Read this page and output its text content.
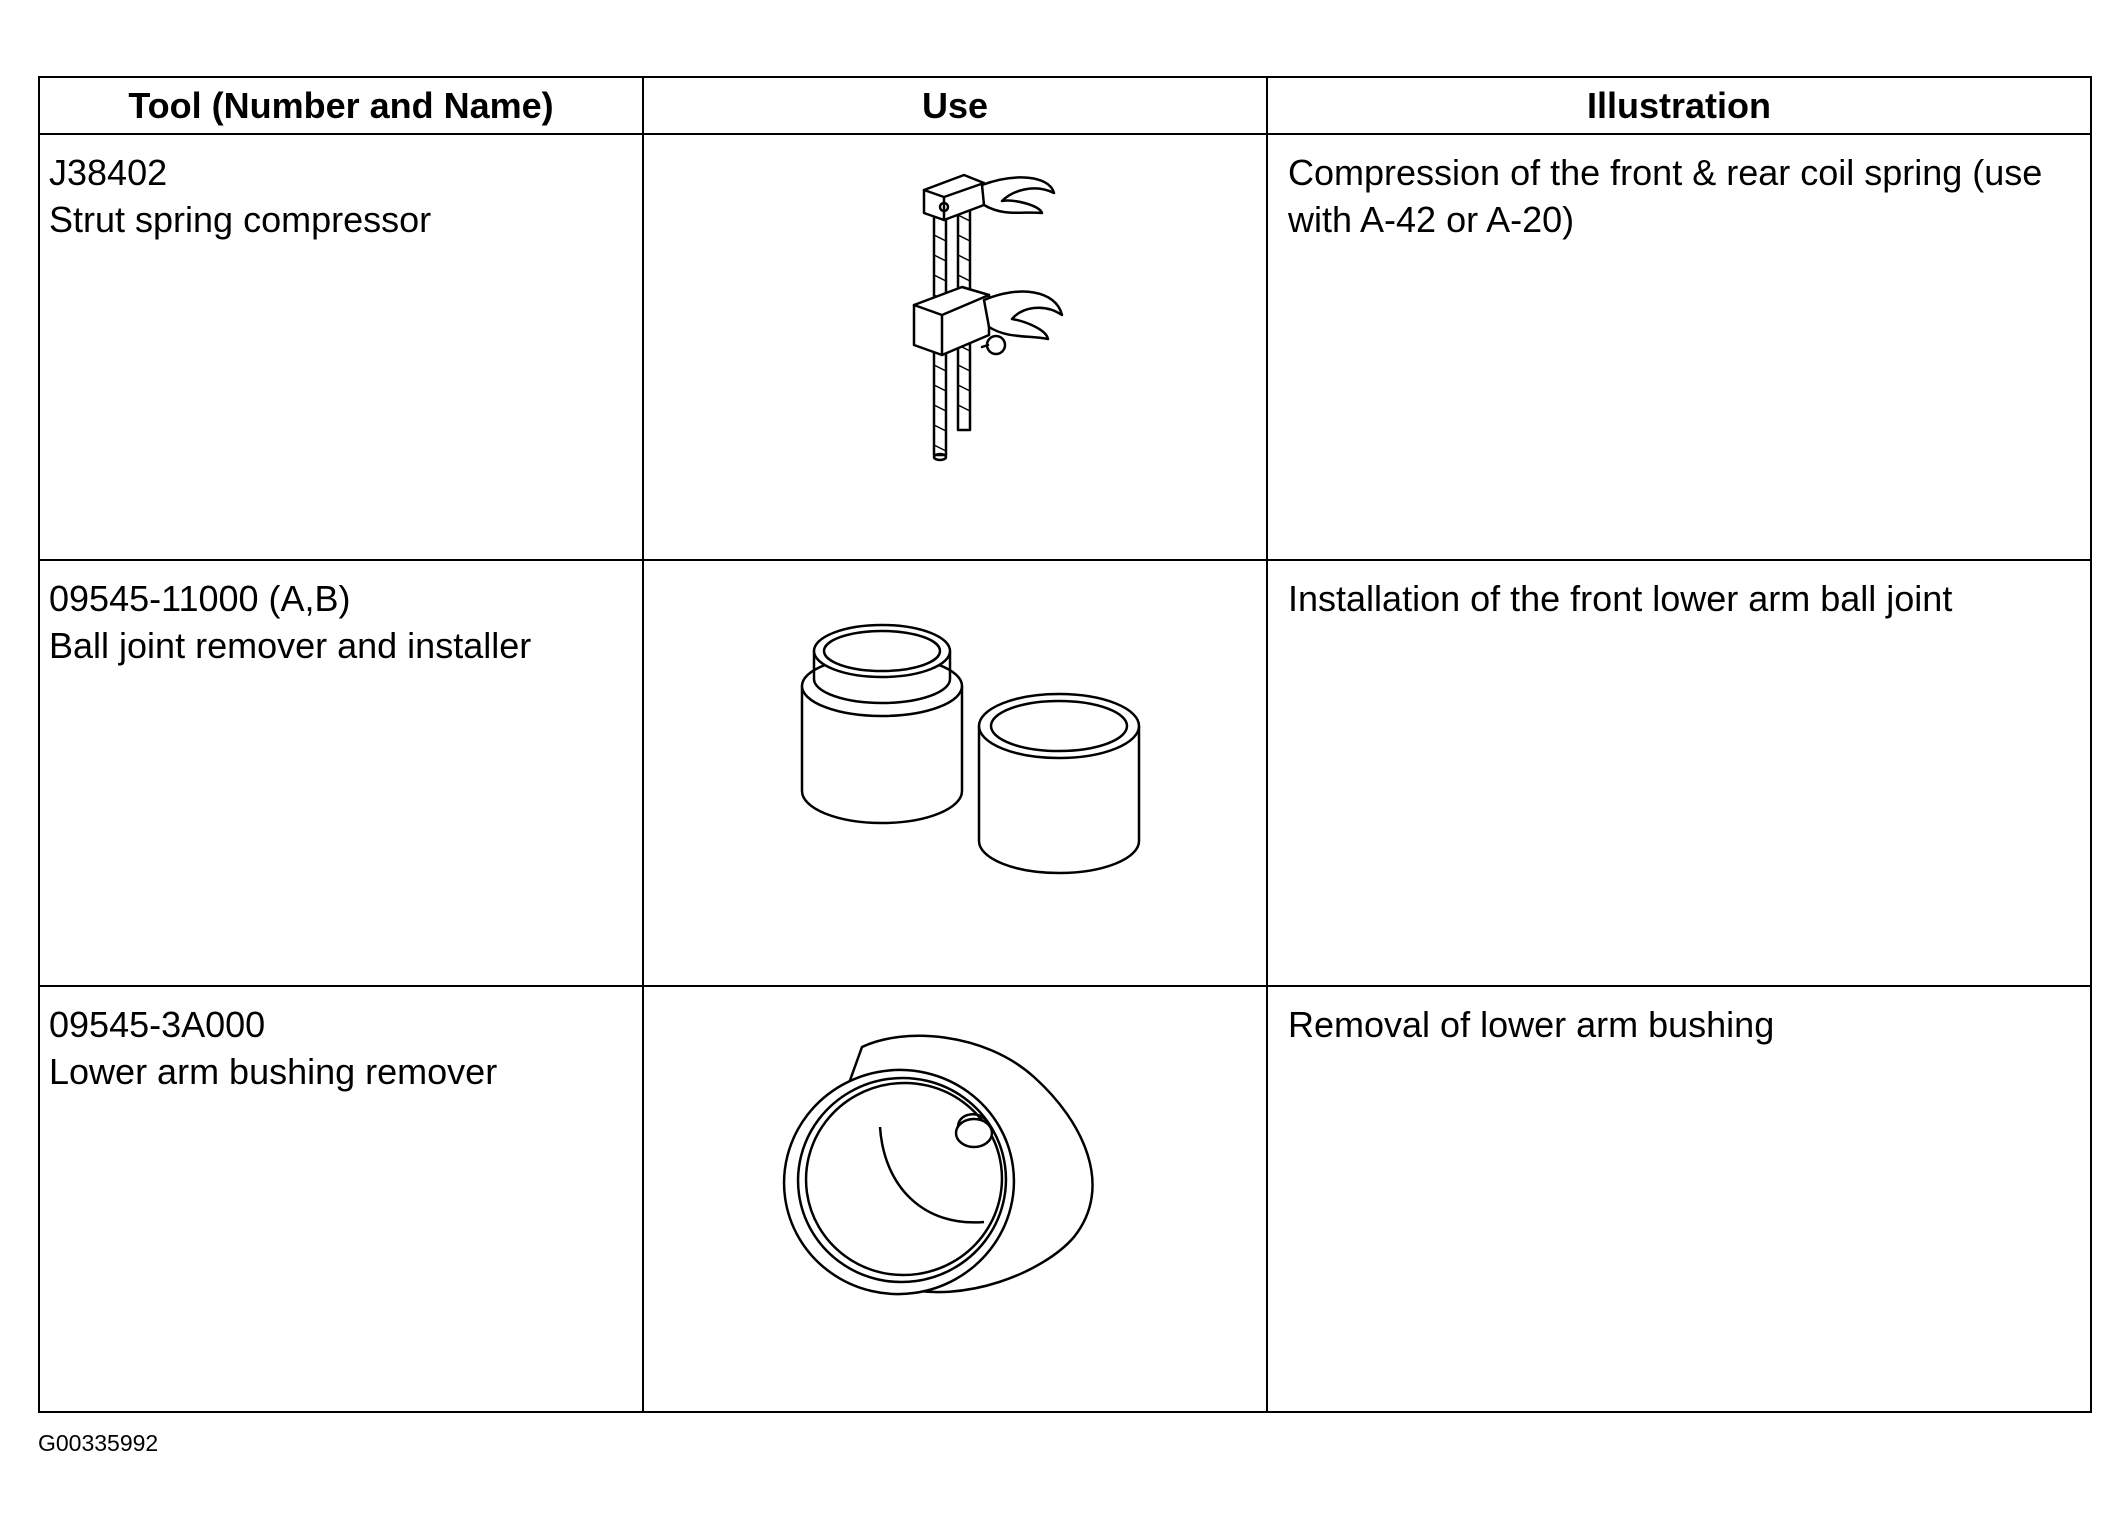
Tool (Number and Name)	Use	Illustration

J38402
Strut spring compressor		Compression of the front & rear coil spring (use with A-42 or A-20)

09545-11000 (A,B)
Ball joint remover and installer		Installation of the front lower arm ball joint

09545-3A000
Lower arm bushing remover		Removal of lower arm bushing
G00335992
